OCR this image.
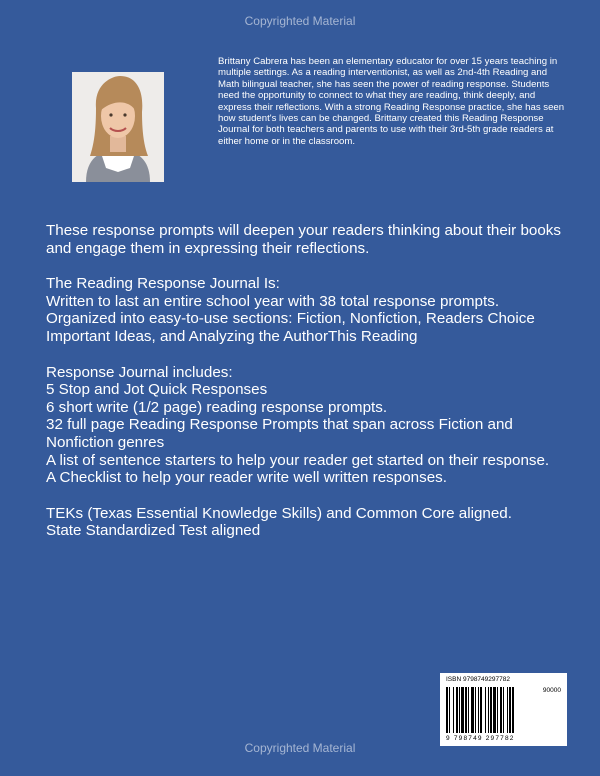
Copyrighted Material
Brittany Cabrera has been an elementary educator for over 15 years teaching in multiple settings. As a reading interventionist, as well as 2nd-4th Reading and Math bilingual teacher, she has seen the power of reading response. Students need the opportunity to connect to what they are reading, think deeply, and express their reflections. With a strong Reading Response practice, she has seen how student's lives can be changed. Brittany created this Reading Response Journal for both teachers and parents to use with their 3rd-5th grade readers at either home or in the classroom.

These response prompts will deepen your readers thinking about their books and engage them in expressing their reflections.

The Reading Response Journal Is:

Written to last an entire school year with 38 total response prompts.

Organized into easy-to-use sections: Fiction, Nonfiction, Readers Choice Important Ideas, and Analyzing the AuthorThis Reading

Response Journal includes:

5 Stop and Jot Quick Responses

6 short write (1/2 page) reading response prompts.

32 full page Reading Response Prompts that span across Fiction and Nonfiction genres

A list of sentence starters to help your reader get started on their response.

A Checklist to help your reader write well written responses.

TEKs (Texas Essential Knowledge Skills) and Common Core aligned.

State Standardized Test aligned

ISBN 9798749297782
90000
9 798749 297782
Copyrighted Material
